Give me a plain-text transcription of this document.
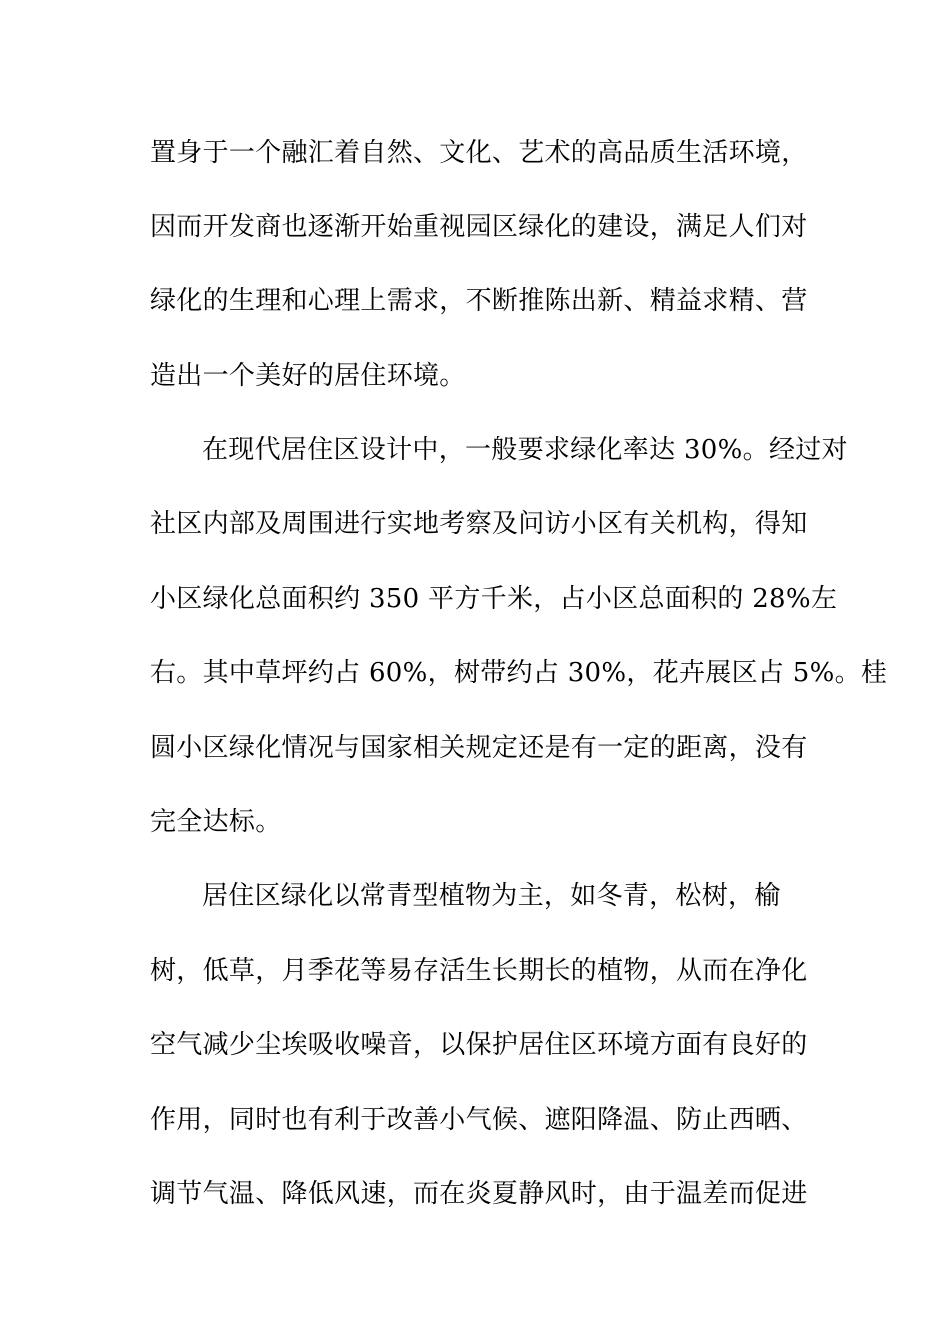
置身于一个融汇着自然、文化、艺术的高品质生活环境，
因而开发商也逐渐开始重视园区绿化的建设，满足人们对
绿化的生理和心理上需求，不断推陈出新、精益求精、营
造出一个美好的居住环境。
在现代居住区设计中，一般要求绿化率达 30%。经过对
社区内部及周围进行实地考察及问访小区有关机构，得知
小区绿化总面积约 350 平方千米，占小区总面积的 28%左
右。其中草坪约占 60%，树带约占 30%，花卉展区占 5%。桂
圆小区绿化情况与国家相关规定还是有一定的距离，没有
完全达标。
居住区绿化以常青型植物为主，如冬青，松树，榆
树，低草，月季花等易存活生长期长的植物，从而在净化
空气减少尘埃吸收噪音，以保护居住区环境方面有良好的
作用，同时也有利于改善小气候、遮阳降温、防止西晒、
调节气温、降低风速，而在炎夏静风时，由于温差而促进
